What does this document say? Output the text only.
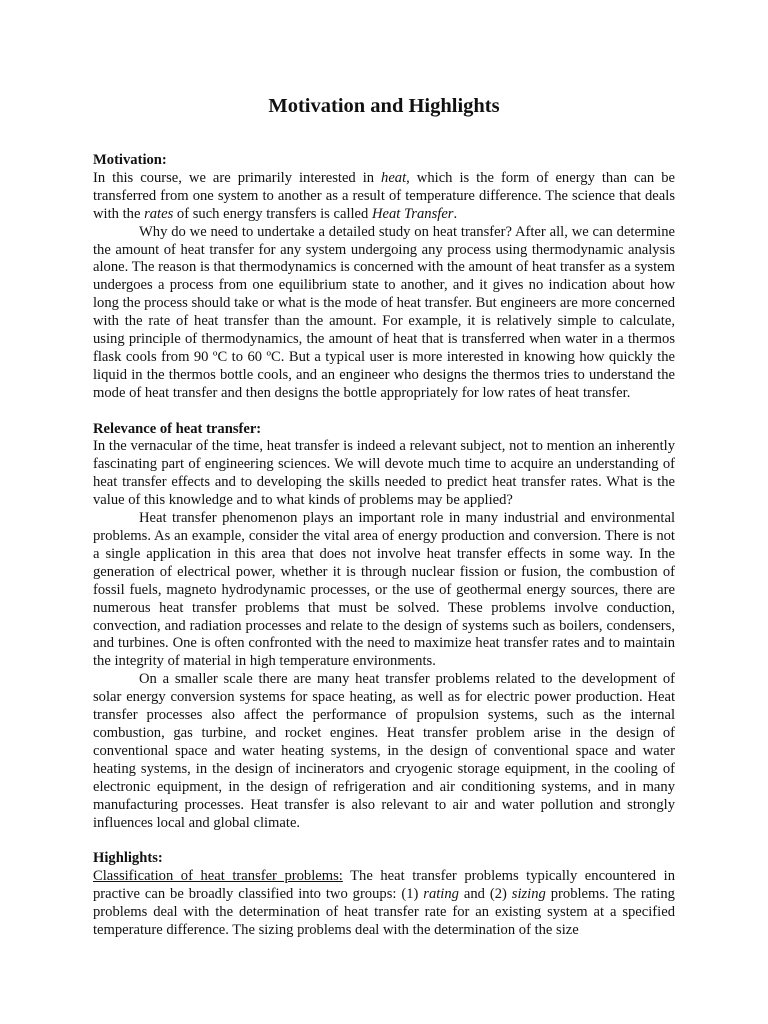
Motivation and Highlights

Motivation:

In this course, we are primarily interested in heat, which is the form of energy than can be transferred from one system to another as a result of temperature difference. The science that deals with the rates of such energy transfers is called Heat Transfer.

Why do we need to undertake a detailed study on heat transfer? After all, we can determine the amount of heat transfer for any system undergoing any process using thermodynamic analysis alone. The reason is that thermodynamics is concerned with the amount of heat transfer as a system undergoes a process from one equilibrium state to another, and it gives no indication about how long the process should take or what is the mode of heat transfer. But engineers are more concerned with the rate of heat transfer than the amount. For example, it is relatively simple to calculate, using principle of thermodynamics, the amount of heat that is transferred when water in a thermos flask cools from 90 ºC to 60 ºC. But a typical user is more interested in knowing how quickly the liquid in the thermos bottle cools, and an engineer who designs the thermos tries to understand the mode of heat transfer and then designs the bottle appropriately for low rates of heat transfer.

Relevance of heat transfer:

In the vernacular of the time, heat transfer is indeed a relevant subject, not to mention an inherently fascinating part of engineering sciences. We will devote much time to acquire an understanding of heat transfer effects and to developing the skills needed to predict heat transfer rates. What is the value of this knowledge and to what kinds of problems may be applied?

Heat transfer phenomenon plays an important role in many industrial and environmental problems. As an example, consider the vital area of energy production and conversion. There is not a single application in this area that does not involve heat transfer effects in some way. In the generation of electrical power, whether it is through nuclear fission or fusion, the combustion of fossil fuels, magneto hydrodynamic processes, or the use of geothermal energy sources, there are numerous heat transfer problems that must be solved. These problems involve conduction, convection, and radiation processes and relate to the design of systems such as boilers, condensers, and turbines. One is often confronted with the need to maximize heat transfer rates and to maintain the integrity of material in high temperature environments.

On a smaller scale there are many heat transfer problems related to the development of solar energy conversion systems for space heating, as well as for electric power production. Heat transfer processes also affect the performance of propulsion systems, such as the internal combustion, gas turbine, and rocket engines. Heat transfer problem arise in the design of conventional space and water heating systems, in the design of conventional space and water heating systems, in the design of incinerators and cryogenic storage equipment, in the cooling of electronic equipment, in the design of refrigeration and air conditioning systems, and in many manufacturing processes. Heat transfer is also relevant to air and water pollution and strongly influences local and global climate.

Highlights:

Classification of heat transfer problems: The heat transfer problems typically encountered in practive can be broadly classified into two groups: (1) rating and (2) sizing problems. The rating problems deal with the determination of heat transfer rate for an existing system at a specified temperature difference. The sizing problems deal with the determination of the size
